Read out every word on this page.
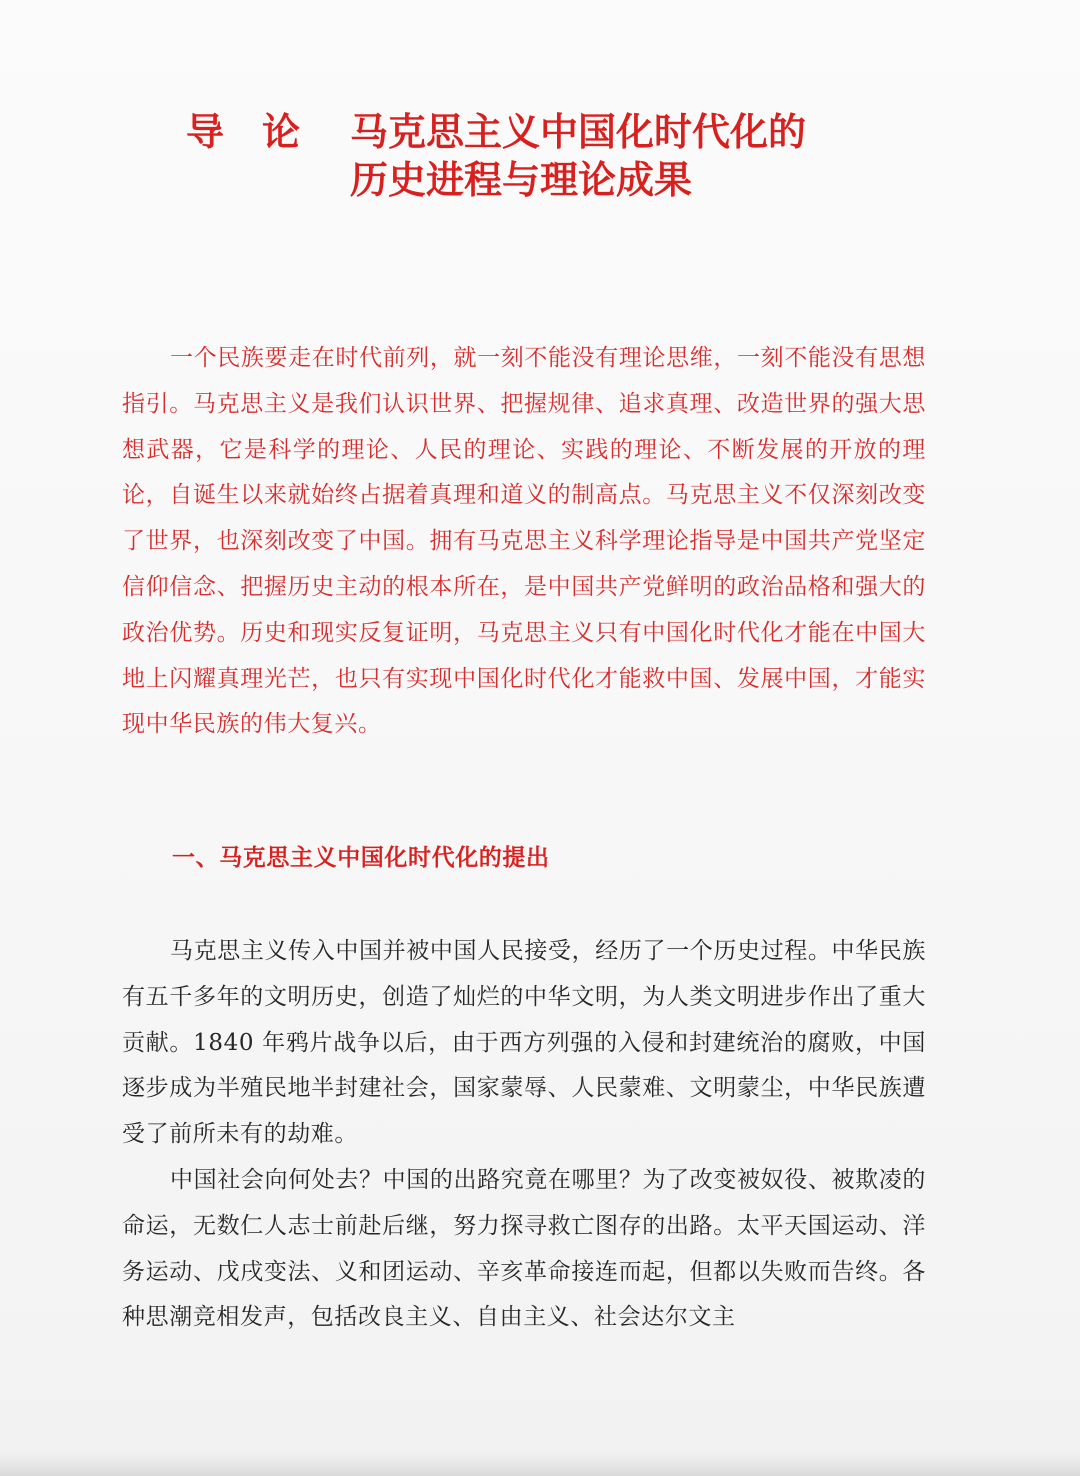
导　论 马克思主义中国化时代化的
历史进程与理论成果

一个民族要走在时代前列，就一刻不能没有理论思维，一刻不能没有思想指引。马克思主义是我们认识世界、把握规律、追求真理、改造世界的强大思想武器，它是科学的理论、人民的理论、实践的理论、不断发展的开放的理论，自诞生以来就始终占据着真理和道义的制高点。马克思主义不仅深刻改变了世界，也深刻改变了中国。拥有马克思主义科学理论指导是中国共产党坚定信仰信念、把握历史主动的根本所在，是中国共产党鲜明的政治品格和强大的政治优势。历史和现实反复证明，马克思主义只有中国化时代化才能在中国大地上闪耀真理光芒，也只有实现中国化时代化才能救中国、发展中国，才能实现中华民族的伟大复兴。

一、马克思主义中国化时代化的提出

马克思主义传入中国并被中国人民接受，经历了一个历史过程。中华民族有五千多年的文明历史，创造了灿烂的中华文明，为人类文明进步作出了重大贡献。1840 年鸦片战争以后，由于西方列强的入侵和封建统治的腐败，中国逐步成为半殖民地半封建社会，国家蒙辱、人民蒙难、文明蒙尘，中华民族遭受了前所未有的劫难。

中国社会向何处去？中国的出路究竟在哪里？为了改变被奴役、被欺凌的命运，无数仁人志士前赴后继，努力探寻救亡图存的出路。太平天国运动、洋务运动、戊戌变法、义和团运动、辛亥革命接连而起，但都以失败而告终。各种思潮竞相发声，包括改良主义、自由主义、社会达尔文主
